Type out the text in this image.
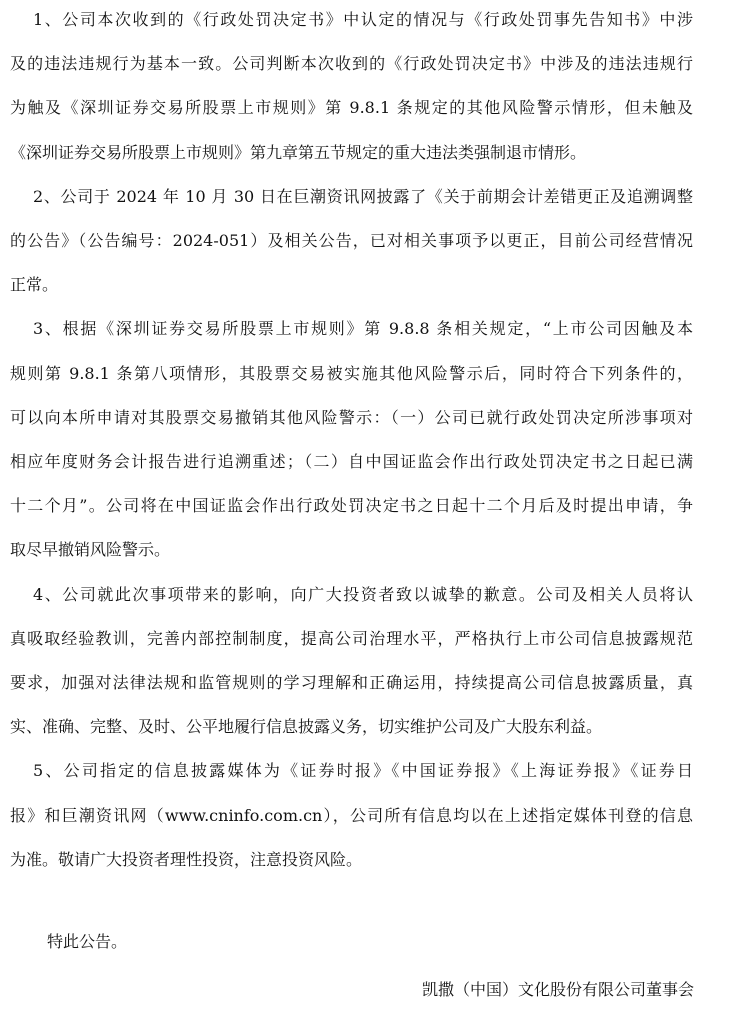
1、公司本次收到的《行政处罚决定书》中认定的情况与《行政处罚事先告知书》中涉
及的违法违规行为基本一致。公司判断本次收到的《行政处罚决定书》中涉及的违法违规行
为触及《深圳证券交易所股票上市规则》第 9.8.1 条规定的其他风险警示情形，但未触及
《深圳证券交易所股票上市规则》第九章第五节规定的重大违法类强制退市情形。
2、公司于 2024 年 10 月 30 日在巨潮资讯网披露了《关于前期会计差错更正及追溯调整
的公告》（公告编号：2024-051）及相关公告，已对相关事项予以更正，目前公司经营情况
正常。
3、根据《深圳证券交易所股票上市规则》第 9.8.8 条相关规定，“上市公司因触及本
规则第 9.8.1 条第八项情形，其股票交易被实施其他风险警示后，同时符合下列条件的，
可以向本所申请对其股票交易撤销其他风险警示：（一）公司已就行政处罚决定所涉事项对
相应年度财务会计报告进行追溯重述；（二）自中国证监会作出行政处罚决定书之日起已满
十二个月”。公司将在中国证监会作出行政处罚决定书之日起十二个月后及时提出申请，争
取尽早撤销风险警示。
4、公司就此次事项带来的影响，向广大投资者致以诚挚的歉意。公司及相关人员将认
真吸取经验教训，完善内部控制制度，提高公司治理水平，严格执行上市公司信息披露规范
要求，加强对法律法规和监管规则的学习理解和正确运用，持续提高公司信息披露质量，真
实、准确、完整、及时、公平地履行信息披露义务，切实维护公司及广大股东利益。
5、公司指定的信息披露媒体为《证券时报》《中国证券报》《上海证券报》《证券日
报》和巨潮资讯网（www.cninfo.com.cn），公司所有信息均以在上述指定媒体刊登的信息
为准。敬请广大投资者理性投资，注意投资风险。
特此公告。
凯撒（中国）文化股份有限公司董事会
